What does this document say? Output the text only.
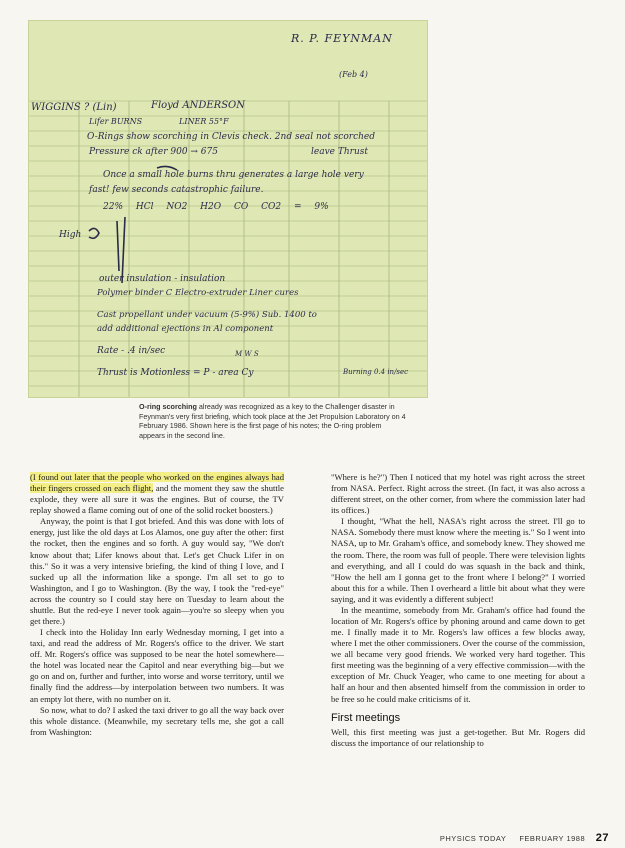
R. P. FEYNMAN
(Feb 4)
WIGGINS ? (Lin)	Floyd ANDERSON
Lifer BURNS	LINER 55°F
O-Rings show scorching in Clevis check. 2nd seal not scorched
Pressure ck after 900 → 675	leave Thrust
Once a small hole burns thru generates a large hole very
fast! few seconds catastrophic failure.
22% HCl NO2 H2O CO CO2 = 9%
High
outer insulation - insulation
Polymer binder C Electro-extruder Liner cures
Cast propellant under vacuum (5-9%) Sub. 1400 to
add additional ejections in Al component
Rate - .4 in/sec	M W S
Thrust is Motionless = P - area Cy	Burning 0.4 in/sec
O-ring scorching already was recognized as a key to the Challenger disaster in Feynman's very first briefing, which took place at the Jet Propulsion Laboratory on 4 February 1986. Shown here is the first page of his notes; the O-ring problem appears in the second line.

(I found out later that the people who worked on the engines always had their fingers crossed on each flight, and the moment they saw the shuttle explode, they were all sure it was the engines. But of course, the TV replay showed a flame coming out of one of the solid rocket boosters.)

Anyway, the point is that I got briefed. And this was done with lots of energy, just like the old days at Los Alamos, one guy after the other: first the rocket, then the engines and so forth. A guy would say, "We don't know about that; Lifer knows about that. Let's get Chuck Lifer in on this." So it was a very intensive briefing, the kind of thing I love, and I sucked up all the information like a sponge. I'm all set to go to Washington, and I go to Washington. (By the way, I took the "red-eye" across the country so I could stay here on Tuesday to learn about the shuttle. But the red-eye I never took again—you're so sleepy when you get there.)

I check into the Holiday Inn early Wednesday morning, I get into a taxi, and read the address of Mr. Rogers's office to the driver. We start off. Mr. Rogers's office was supposed to be near the hotel somewhere—the hotel was located near the Capitol and near everything big—but we go on and on, further and further, into worse and worse territory, until we finally find the address—by interpolation between two numbers. It was an empty lot there, with no number on it.

So now, what to do? I asked the taxi driver to go all the way back over this whole distance. (Meanwhile, my secretary tells me, she got a call from Washington:

"Where is he?") Then I noticed that my hotel was right across the street from NASA. Perfect. Right across the street. (In fact, it was also across a different street, on the other corner, from where the commission later had its offices.)

I thought, "What the hell, NASA's right across the street. I'll go to NASA. Somebody there must know where the meeting is." So I went into NASA, up to Mr. Graham's office, and somebody knew. They showed me the room. There, the room was full of people. There were television lights and everything, and all I could do was squash in the back and think, "How the hell am I gonna get to the front where I belong?" I worried about this for a while. Then I overheard a little bit about what they were saying, and it was evidently a different subject!

In the meantime, somebody from Mr. Graham's office had found the location of Mr. Rogers's office by phoning around and came down to get me. I finally made it to Mr. Rogers's law offices a few blocks away, where I met the other commissioners. Over the course of the commission, we all became very good friends. We worked very hard together. This first meeting was the beginning of a very effective commission—with the exception of Mr. Chuck Yeager, who came to one meeting for about a half an hour and then absented himself from the commission in order to be free so he could make criticisms of it.

First meetings

Well, this first meeting was just a get-together. But Mr. Rogers did discuss the importance of our relationship to

PHYSICS TODAY FEBRUARY 1988 27
